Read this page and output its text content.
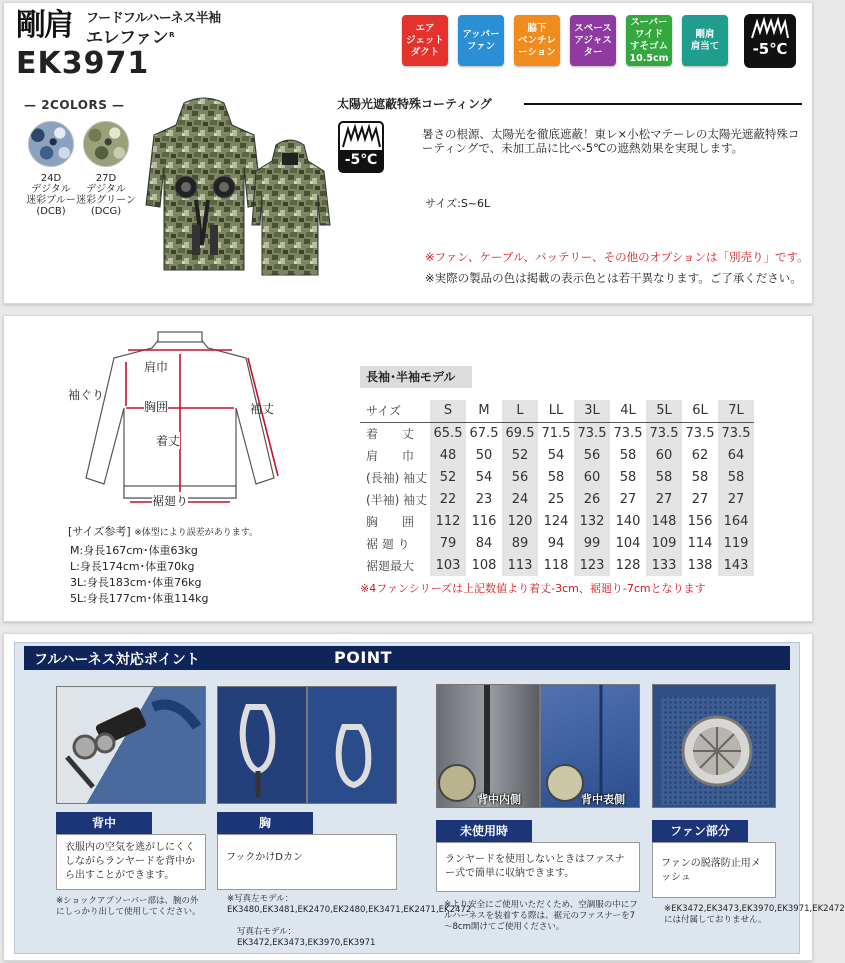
剛肩 フードフルハーネス半袖
エレファン$^R$
EK3971
エア
ジェット
ダクト
アッパー
ファン
脇下
ベンチレ
ーション
スペース
アジャス
ター
スーパー
ワイド
すそゴム
10.5cm
剛肩
肩当て	-5℃
— 2COLORS —
24D
デジタル
迷彩ブルー
(DCB)
27D
デジタル
迷彩グリーン
(DCG)
太陽光遮蔽特殊コーティング
-5℃
暑さの根源、太陽光を徹底遮蔽！東レ×小松マテーレの太陽光遮蔽特殊コーティングで、未加工品に比べ-5℃の遮熱効果を実現します。
サイズ:S~6L
※ファン、ケーブル、バッテリー、その他のオプションは「別売り」です。
※実際の製品の色は掲載の表示色とは若干異なります。ご了承ください。
肩巾
袖ぐり
袖丈
胸囲
着丈
裾廻り
[サイズ参考] ※体型により誤差があります。
M:身長167cm･体重63kg
L:身長174cm･体重70kg
3L:身長183cm･体重76kg
5L:身長177cm･体重114kg
長袖･半袖モデル
サイズ	S	M	L	LL	3L	4L	5L	6L	7L
着　　丈	65.5	67.5	69.5	71.5	73.5	73.5	73.5	73.5	73.5
肩　　巾	48	50	52	54	56	58	60	62	64
(長袖) 袖丈	52	54	56	58	60	58	58	58	58
(半袖) 袖丈	22	23	24	25	26	27	27	27	27
胸　　囲	112	116	120	124	132	140	148	156	164
裾 廻 り	79	84	89	94	99	104	109	114	119
裾廻最大	103	108	113	118	123	128	133	138	143
※4ファンシリーズは上記数値より着丈-3cm、裾廻り-7cmとなります
フルハーネス対応ポイント	POINT
背中内側	背中表側
背中
衣服内の空気を逃がしにくくしながらランヤードを背中から出すことができます。
※ショックアブソーバー部は、腕の外にしっかり出して使用してください。
胸
フックかけDカン
※写真左モデル：EK3480,EK3481,EK2470,EK2480,EK3471,EK2471,EK2472
写真右モデル：EK3472,EK3473,EK3970,EK3971
未使用時
ランヤードを使用しないときはファスナー式で簡単に収納できます。
※より安全にご使用いただくため、空調服の中にフルハーネスを装着する際は、裾元のファスナーを7～8cm開けてご使用ください。
ファン部分
ファンの脱落防止用メッシュ
※EK3472,EK3473,EK3970,EK3971,EK2472には付属しておりません。
